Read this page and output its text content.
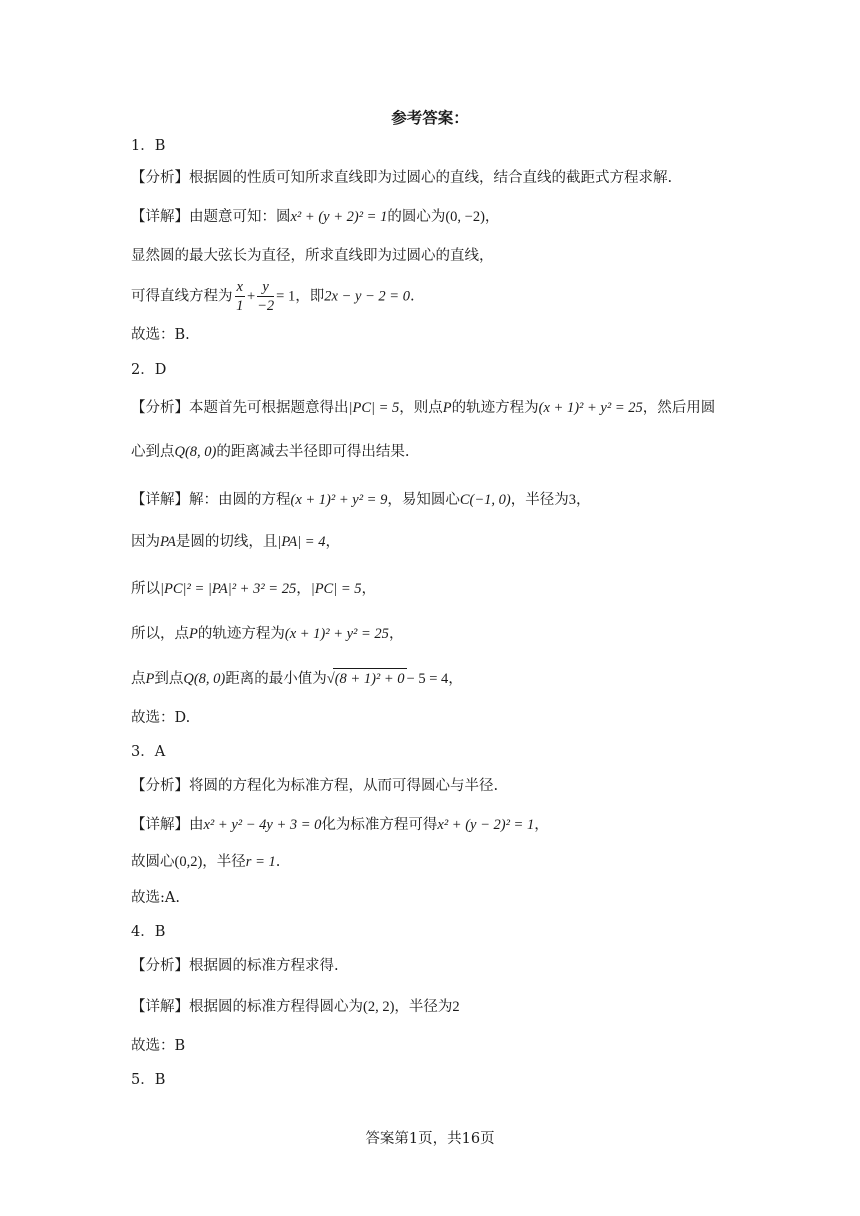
参考答案：
1．B
【分析】根据圆的性质可知所求直线即为过圆心的直线，结合直线的截距式方程求解.
【详解】由题意可知：圆x² + (y + 2)² = 1的圆心为(0, −2)，
显然圆的最大弦长为直径，所求直线即为过圆心的直线，
可得直线方程为 $\frac{x}{1} + \frac{y}{-2} = 1$，即2x − y − 2 = 0.
故选：B.
2．D
【分析】本题首先可根据题意得出|PC| = 5，则点P的轨迹方程为(x + 1)² + y² = 25，然后用圆
心到点Q(8, 0)的距离减去半径即可得出结果.
【详解】解：由圆的方程(x + 1)² + y² = 9，易知圆心C(−1, 0)，半径为3，
因为PA是圆的切线，且|PA| = 4，
所以|PC|² = |PA|² + 3² = 25，|PC| = 5，
所以，点P的轨迹方程为(x + 1)² + y² = 25，
点P到点Q(8, 0)距离的最小值为√(8 + 1)² + 0 − 5 = 4，
故选：D.
3．A
【分析】将圆的方程化为标准方程，从而可得圆心与半径.
【详解】由x² + y² − 4y + 3 = 0化为标准方程可得x² + (y − 2)² = 1，
故圆心(0,2)，半径r = 1.
故选:A.
4．B
【分析】根据圆的标准方程求得.
【详解】根据圆的标准方程得圆心为(2, 2)，半径为2
故选：B
5．B
答案第1页，共16页
